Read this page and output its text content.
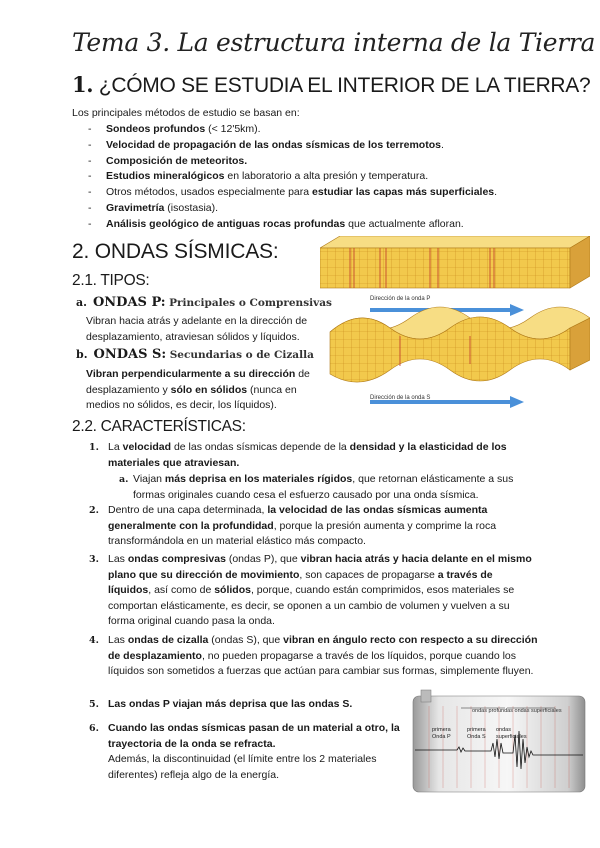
Tema 3. La estructura interna de la Tierra
1. ¿CÓMO SE ESTUDIA EL INTERIOR DE LA TIERRA?
Los principales métodos de estudio se basan en:
- Sondeos profundos (< 12'5km).
- Velocidad de propagación de las ondas sísmicas de los terremotos.
- Composición de meteoritos.
- Estudios mineralógicos en laboratorio a alta presión y temperatura.
- Otros métodos, usados especialmente para estudiar las capas más superficiales.
- Gravimetría (isostasia).
- Análisis geológico de antiguas rocas profundas que actualmente afloran.
2. ONDAS SÍSMICAS:
2.1. TIPOS:
a. ONDAS P: Principales o Comprensivas
Vibran hacia atrás y adelante en la dirección de desplazamiento, atraviesan sólidos y líquidos.
b. ONDAS S: Secundarias o de Cizalla
Vibran perpendicularmente a su dirección de desplazamiento y sólo en sólidos (nunca en medios no sólidos, es decir, los líquidos).
Dirección de la onda P
Dirección de la onda S
2.2. CARACTERÍSTICAS:
1. La velocidad de las ondas sísmicas depende de la densidad y la elasticidad de los materiales que atraviesan.
a. Viajan más deprisa en los materiales rígidos, que retornan elásticamente a sus formas originales cuando cesa el esfuerzo causado por una onda sísmica.
2. Dentro de una capa determinada, la velocidad de las ondas sísmicas aumenta generalmente con la profundidad, porque la presión aumenta y comprime la roca transformándola en un material elástico más compacto.
3. Las ondas compresivas (ondas P), que vibran hacia atrás y hacia delante en el mismo plano que su dirección de movimiento, son capaces de propagarse a través de líquidos, así como de sólidos, porque, cuando están comprimidos, esos materiales se comportan elásticamente, es decir, se oponen a un cambio de volumen y vuelven a su forma original cuando pasa la onda.
4. Las ondas de cizalla (ondas S), que vibran en ángulo recto con respecto a su dirección de desplazamiento, no pueden propagarse a través de los líquidos, porque cuando los líquidos son sometidos a fuerzas que actúan para cambiar sus formas, simplemente fluyen.
5. Las ondas P viajan más deprisa que las ondas S.
6. Cuando las ondas sísmicas pasan de un material a otro, la trayectoria de la onda se refracta.
Además, la discontinuidad (el límite entre los 2 materiales diferentes) refleja algo de la energía.
ondas profundas ondas superficiales
primera Onda P
primera Onda S
ondas superficiales
